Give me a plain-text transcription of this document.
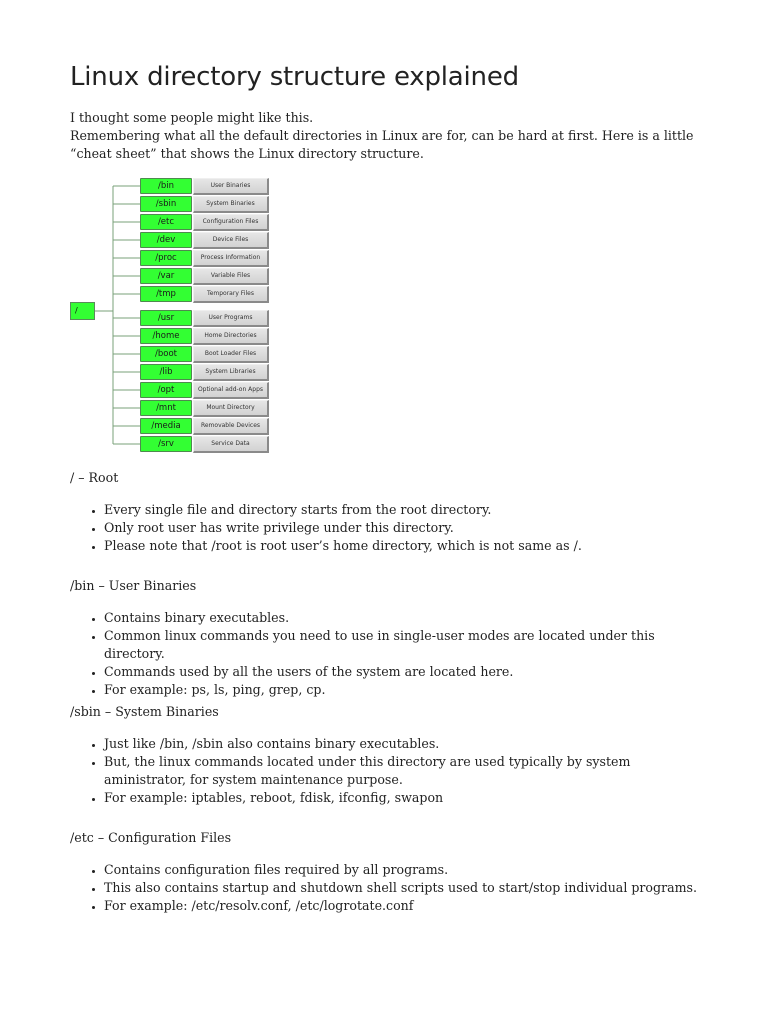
Linux directory structure explained

I thought some people might like this.

Remembering what all the default directories in Linux are for, can be hard at first. Here is a little “cheat sheet” that shows the Linux directory structure.

/
/bin	User Binaries
/sbin	System Binaries
/etc	Configuration Files
/dev	Device Files
/proc	Process Information
/var	Variable Files
/tmp	Temporary Files
/usr	User Programs
/home	Home Directories
/boot	Boot Loader Files
/lib	System Libraries
/opt	Optional add-on Apps
/mnt	Mount Directory
/media	Removable Devices
/srv	Service Data
/ – Root
• Every single file and directory starts from the root directory.
• Only root user has write privilege under this directory.
• Please note that /root is root user’s home directory, which is not same as /.
/bin – User Binaries
• Contains binary executables.
• Common linux commands you need to use in single-user modes are located under this directory.
• Commands used by all the users of the system are located here.
• For example: ps, ls, ping, grep, cp.
/sbin – System Binaries
• Just like /bin, /sbin also contains binary executables.
• But, the linux commands located under this directory are used typically by system aministrator, for system maintenance purpose.
• For example: iptables, reboot, fdisk, ifconfig, swapon
/etc – Configuration Files
• Contains configuration files required by all programs.
• This also contains startup and shutdown shell scripts used to start/stop individual programs.
• For example: /etc/resolv.conf, /etc/logrotate.conf
